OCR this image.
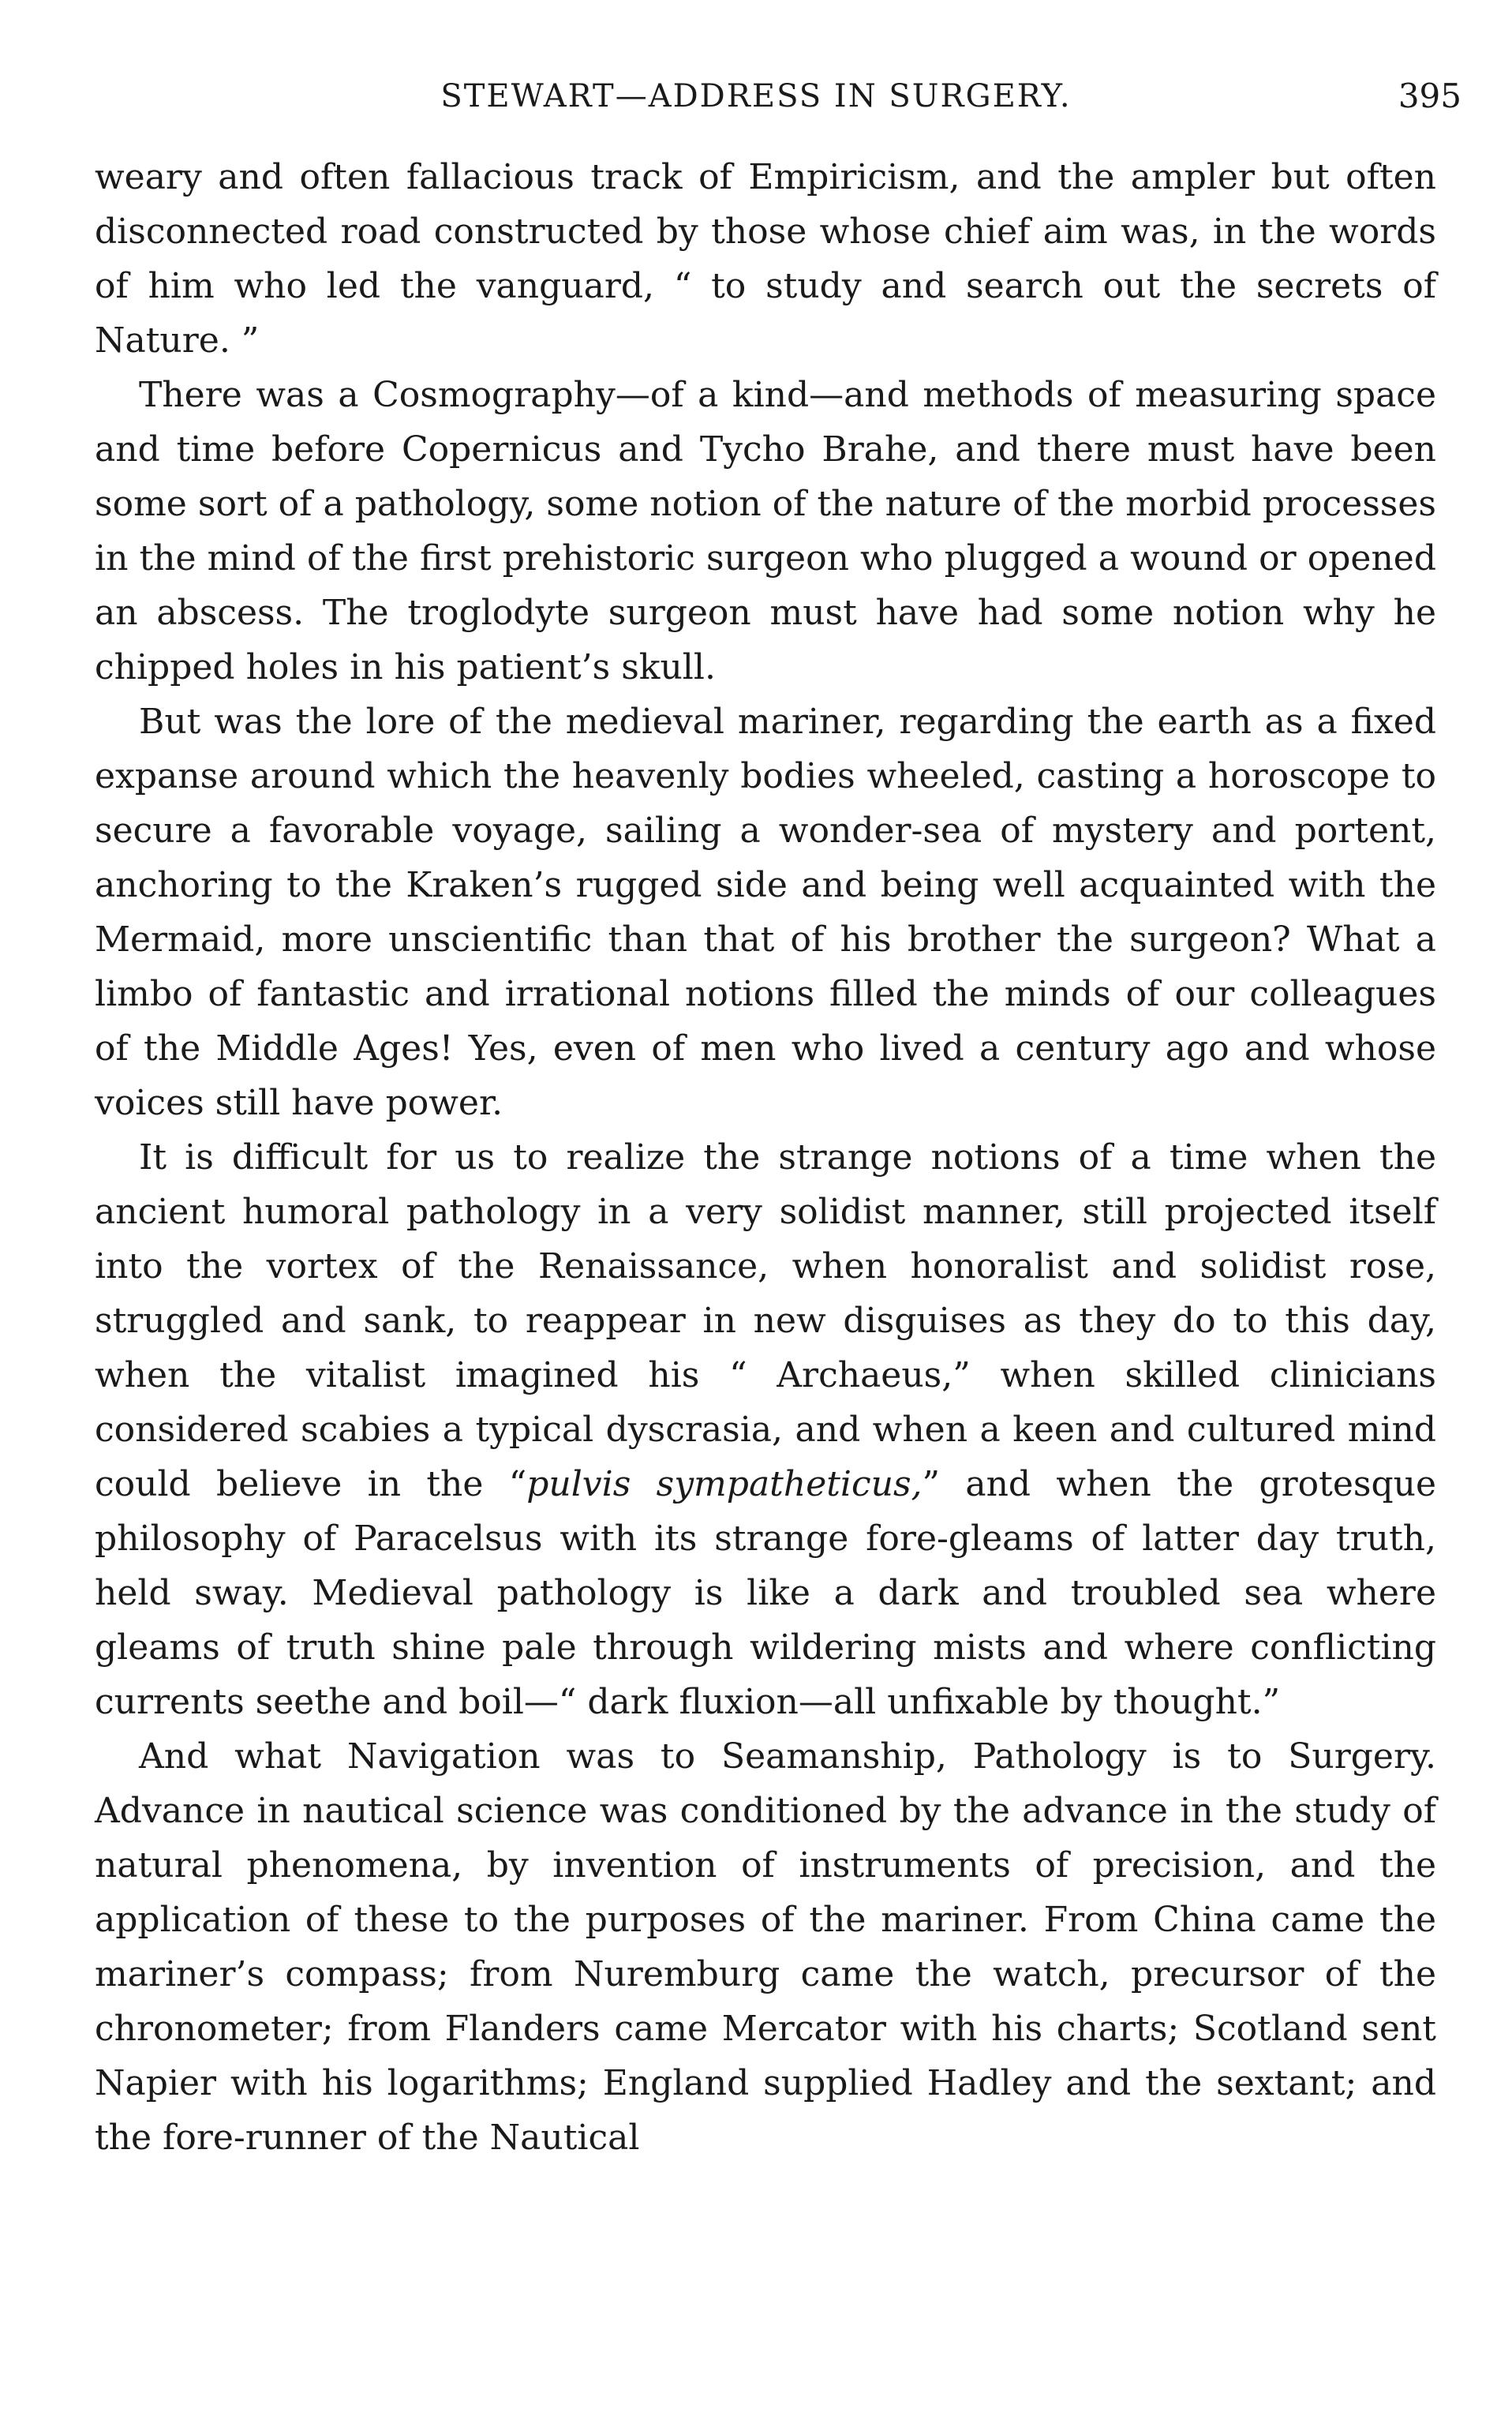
STEWART—ADDRESS IN SURGERY.	395

weary and often fallacious track of Empiricism, and the ampler but often disconnected road constructed by those whose chief aim was, in the words of him who led the vanguard, “ to study and search out the secrets of Nature. ”

There was a Cosmography—of a kind—and methods of measuring space and time before Copernicus and Tycho Brahe, and there must have been some sort of a pathology, some notion of the nature of the morbid processes in the mind of the first prehistoric surgeon who plugged a wound or opened an abscess. The troglodyte surgeon must have had some notion why he chipped holes in his patient’s skull.

But was the lore of the medieval mariner, regarding the earth as a fixed expanse around which the heavenly bodies wheeled, casting a horoscope to secure a favorable voyage, sailing a wonder-sea of mystery and portent, anchoring to the Kraken’s rugged side and being well acquainted with the Mermaid, more unscientific than that of his brother the surgeon? What a limbo of fantastic and irrational notions filled the minds of our colleagues of the Middle Ages! Yes, even of men who lived a century ago and whose voices still have power.

It is difficult for us to realize the strange notions of a time when the ancient humoral pathology in a very solidist manner, still projected itself into the vortex of the Renaissance, when honoralist and solidist rose, struggled and sank, to reappear in new disguises as they do to this day, when the vitalist imagined his “ Archaeus,” when skilled clinicians considered scabies a typical dyscrasia, and when a keen and cultured mind could believe in the “pulvis sympatheticus,” and when the grotesque philosophy of Paracelsus with its strange fore-gleams of latter day truth, held sway. Medieval pathology is like a dark and troubled sea where gleams of truth shine pale through wildering mists and where conflicting currents seethe and boil—“ dark fluxion—all unfixable by thought.”

And what Navigation was to Seamanship, Pathology is to Surgery. Advance in nautical science was conditioned by the advance in the study of natural phenomena, by invention of instruments of precision, and the application of these to the purposes of the mariner. From China came the mariner’s compass; from Nuremburg came the watch, precursor of the chronometer; from Flanders came Mercator with his charts; Scotland sent Napier with his logarithms; England supplied Hadley and the sextant; and the fore-runner of the Nautical
